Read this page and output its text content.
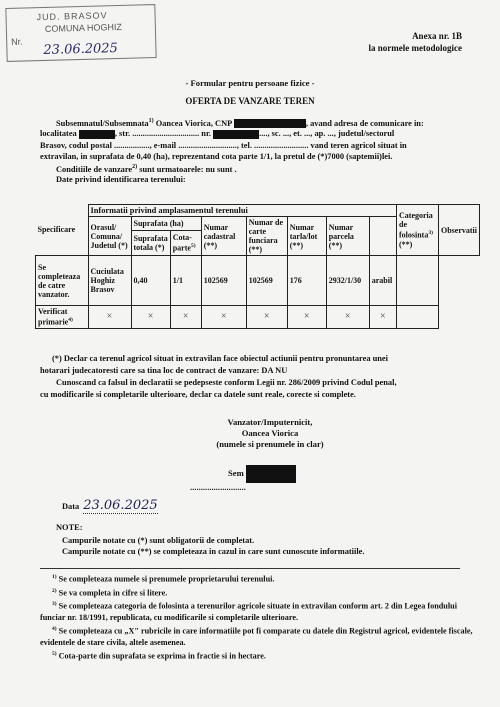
JUD. BRASOV
COMUNA HOGHIZ
Nr. 23.06.2025
Anexa nr. 1B
la normele metodologice
- Formular pentru persoane fizice -
OFERTA DE VANZARE TEREN
Subsemnatul/Subsemnata$^{1)}$ Oancea Viorica, CNP	, avand adresa de comunicare in:
localitatea	, str. ................................ nr.	...., sc. ..., et. ..., ap. ..., judetul/sectorul
Brasov, codul postal ................., e-mail ............................, tel. .......................... vand teren agricol situat in
extravilan, in suprafata de 0,40 (ha), reprezentand cota parte 1/1, la pretul de (*)7000 (saptemii)lei.
Conditiile de vanzare$^{2)}$ sunt urmatoarele: nu sunt .
Date privind identificarea terenului:
Specificare	Informatii privind amplasamentul terenului								Categoria de folosinta$^{3)}$ (**)	Observatii
	Orasul/ Comuna/ Judetul (*)	Suprafata (ha)		Numar cadastral (**)	Numar de carte funciara (**)	Numar tarla/lot (**)	Numar parcela (**)			
		Suprafata totala (*)	Cota-parte$^{5)}$
Se completeaza de catre vanzator.	Cuciulata Hoghiz Brasov	0,40	1/1	102569	102569	176	2932/1/30	arabil		
Verificat primarie$^{4)}$	×	×	×	×	×	×	×	×		
(*) Declar ca terenul agricol situat in extravilan face obiectul actiunii pentru pronuntarea unei
hotarari judecatoresti care sa tina loc de contract de vanzare: DA NU
Cunoscand ca falsul in declaratii se pedepseste conform Legii nr. 286/2009 privind Codul penal,
cu modificarile si completarile ulterioare, declar ca datele sunt reale, corecte si complete.
Vanzator/Imputernicit,
Oancea Viorica
(numele si prenumele in clar)
Sem
..........................
Data 23.06.2025
NOTE:
Campurile notate cu (*) sunt obligatorii de completat.
Campurile notate cu (**) se completeaza in cazul in care sunt cunoscute informatiile.
$^{1)}$ Se completeaza numele si prenumele proprietarului terenului.
$^{2)}$ Se va completa in cifre si litere.
$^{3)}$ Se completeaza categoria de folosinta a terenurilor agricole situate in extravilan conform art. 2 din Legea fondului funciar nr. 18/1991, republicata, cu modificarile si completarile ulterioare.
$^{4)}$ Se completeaza cu „X" rubricile in care informatiile pot fi comparate cu datele din Registrul agricol, evidentele fiscale, evidentele de stare civila, altele asemenea.
$^{5)}$ Cota-parte din suprafata se exprima in fractie si in hectare.
